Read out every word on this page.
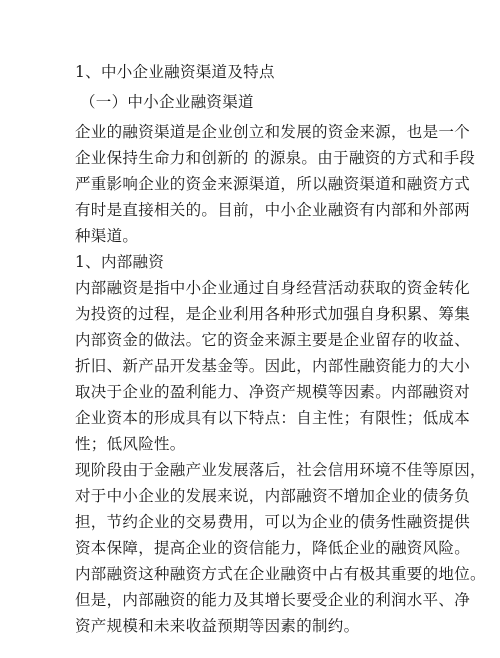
1、中小企业融资渠道及特点
（一）中小企业融资渠道
企业的融资渠道是企业创立和发展的资金来源，也是一个
企业保持生命力和创新的 的源泉。由于融资的方式和手段
严重影响企业的资金来源渠道，所以融资渠道和融资方式
有时是直接相关的。目前，中小企业融资有内部和外部两
种渠道。
1、内部融资
内部融资是指中小企业通过自身经营活动获取的资金转化
为投资的过程，是企业利用各种形式加强自身积累、筹集
内部资金的做法。它的资金来源主要是企业留存的收益、
折旧、新产品开发基金等。因此，内部性融资能力的大小
取决于企业的盈利能力、净资产规模等因素。内部融资对
企业资本的形成具有以下特点：自主性；有限性；低成本
性；低风险性。
现阶段由于金融产业发展落后，社会信用环境不佳等原因，
对于中小企业的发展来说，内部融资不增加企业的债务负
担，节约企业的交易费用，可以为企业的债务性融资提供
资本保障，提高企业的资信能力，降低企业的融资风险。
内部融资这种融资方式在企业融资中占有极其重要的地位。
但是，内部融资的能力及其增长要受企业的利润水平、净
资产规模和未来收益预期等因素的制约。
